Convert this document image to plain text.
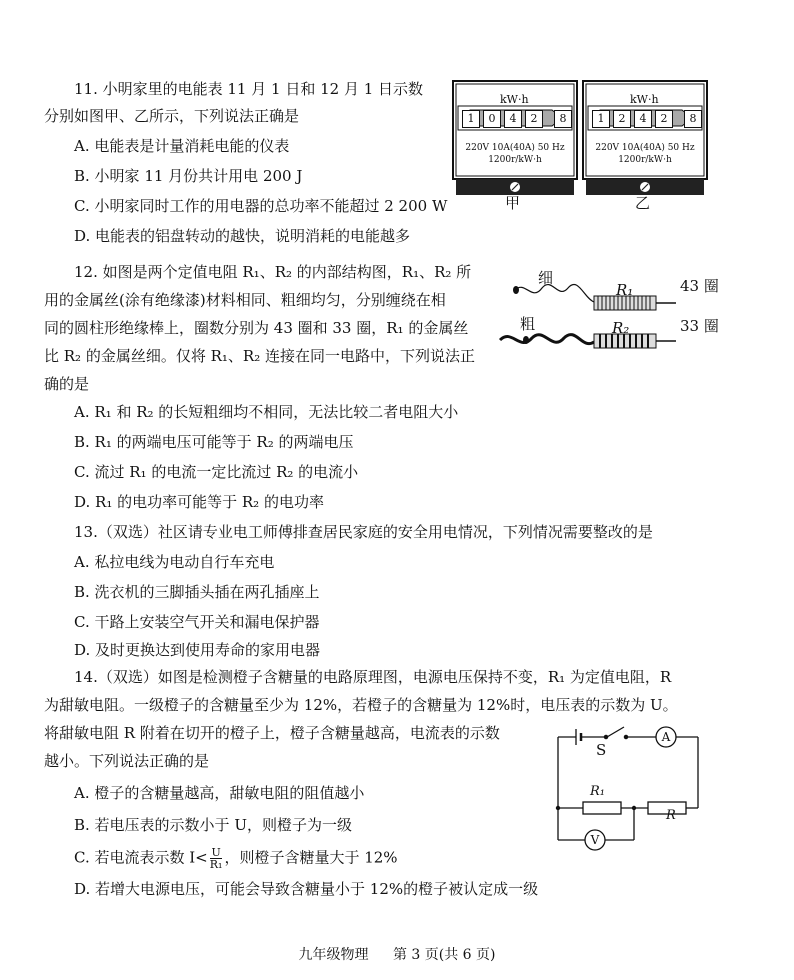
11. 小明家里的电能表 11 月 1 日和 12 月 1 日示数
分别如图甲、乙所示，下列说法正确是
A. 电能表是计量消耗电能的仪表
B. 小明家 11 月份共计用电 200 J
C. 小明家同时工作的用电器的总功率不能超过 2 200 W
D. 电能表的铝盘转动的越快，说明消耗的电能越多
kW·h
1	0	4	2	8
220V 10A(40A) 50 Hz
1200r/kW·h
甲
kW·h
1	2	4	2	8
220V 10A(40A) 50 Hz
1200r/kW·h
乙
12. 如图是两个定值电阻 R₁、R₂ 的内部结构图，R₁、R₂ 所
用的金属丝(涂有绝缘漆)材料相同、粗细均匀，分别缠绕在相
同的圆柱形绝缘棒上，圈数分别为 43 圈和 33 圈，R₁ 的金属丝
比 R₂ 的金属丝细。仅将 R₁、R₂ 连接在同一电路中，下列说法正
确的是
A. R₁ 和 R₂ 的长短粗细均不相同，无法比较二者电阻大小
B. R₁ 的两端电压可能等于 R₂ 的两端电压
C. 流过 R₁ 的电流一定比流过 R₂ 的电流小
D. R₁ 的电功率可能等于 R₂ 的电功率
细
粗
R₁
R₂
43 圈
33 圈
13.（双选）社区请专业电工师傅排查居民家庭的安全用电情况，下列情况需要整改的是
A. 私拉电线为电动自行车充电
B. 洗衣机的三脚插头插在两孔插座上
C. 干路上安装空气开关和漏电保护器
D. 及时更换达到使用寿命的家用电器
14.（双选）如图是检测橙子含糖量的电路原理图，电源电压保持不变，R₁ 为定值电阻，R
为甜敏电阻。一级橙子的含糖量至少为 12%，若橙子的含糖量为 12%时，电压表的示数为 U。
将甜敏电阻 R 附着在切开的橙子上，橙子含糖量越高，电流表的示数
越小。下列说法正确的是
A. 橙子的含糖量越高，甜敏电阻的阻值越小
B. 若电压表的示数小于 U，则橙子为一级
C. 若电流表示数 $I< \frac{U}{\text{R₁}}$ ，则橙子含糖量大于 12%
D. 若增大电源电压，可能会导致含糖量小于 12%的橙子被认定成一级
S
A
V
R₁
R
九年级物理 第 3 页(共 6 页)
